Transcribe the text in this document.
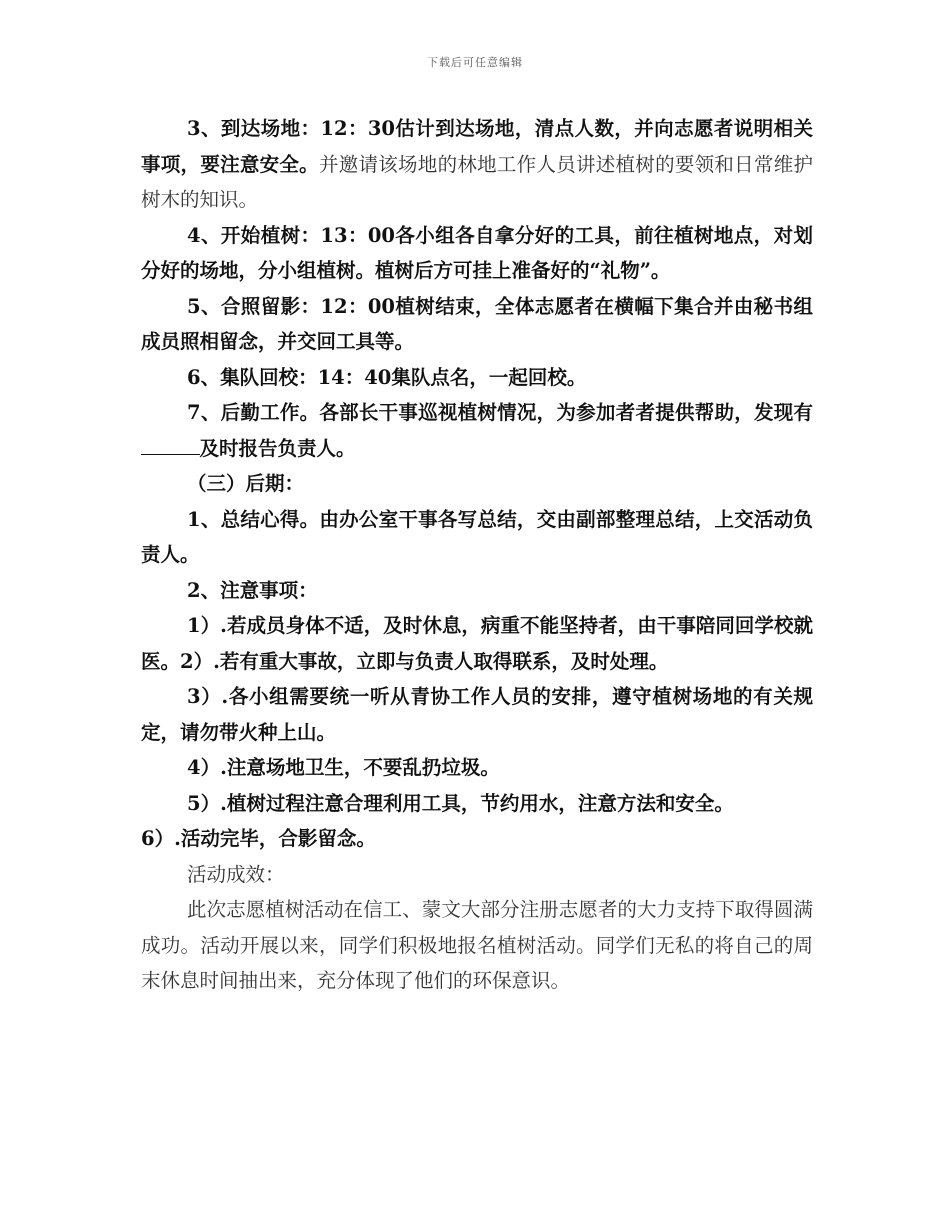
下载后可任意编辑

3、到达场地：12：30估计到达场地，清点人数，并向志愿者说明相关事项，要注意安全。并邀请该场地的林地工作人员讲述植树的要领和日常维护树木的知识。

4、开始植树：13：00各小组各自拿分好的工具，前往植树地点，对划分好的场地，分小组植树。植树后方可挂上准备好的“礼物”。

5、合照留影：12：00植树结束，全体志愿者在横幅下集合并由秘书组成员照相留念，并交回工具等。

6、集队回校：14：40集队点名，一起回校。

7、后勤工作。各部长干事巡视植树情况，为参加者者提供帮助，发现有及时报告负责人。

（三）后期：

1、总结心得。由办公室干事各写总结，交由副部整理总结，上交活动负责人。

2、注意事项：

1）.若成员身体不适，及时休息，病重不能坚持者，由干事陪同回学校就医。2）.若有重大事故，立即与负责人取得联系，及时处理。

3）.各小组需要统一听从青协工作人员的安排，遵守植树场地的有关规定，请勿带火种上山。

4）.注意场地卫生，不要乱扔垃圾。

5）.植树过程注意合理利用工具，节约用水，注意方法和安全。
6）.活动完毕，合影留念。

活动成效：

此次志愿植树活动在信工、蒙文大部分注册志愿者的大力支持下取得圆满成功。活动开展以来，同学们积极地报名植树活动。同学们无私的将自己的周末休息时间抽出来，充分体现了他们的环保意识。
